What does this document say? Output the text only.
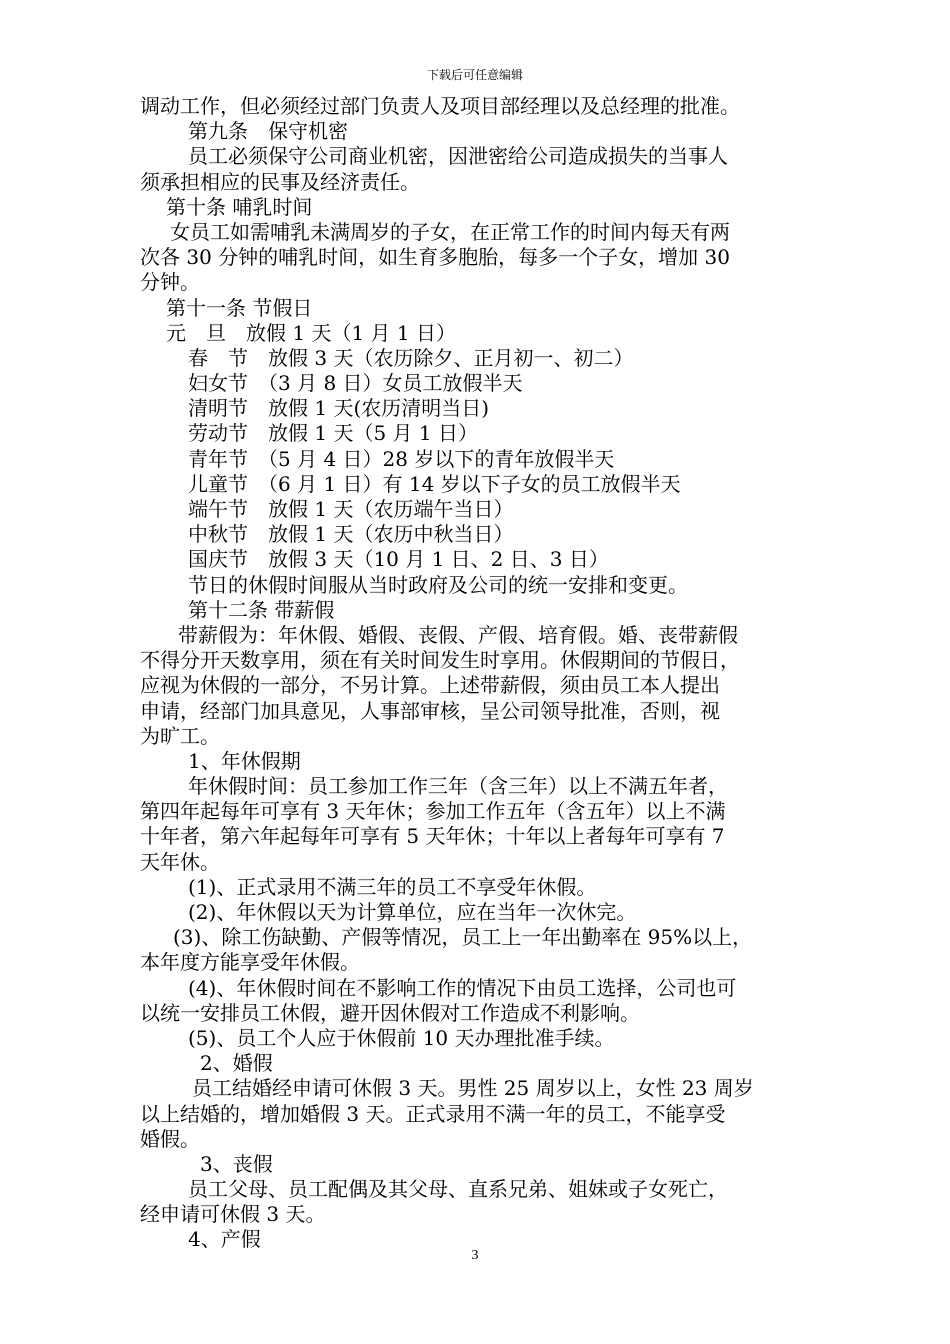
下载后可任意编辑
调动工作，但必须经过部门负责人及项目部经理以及总经理的批准。
第九条　保守机密
员工必须保守公司商业机密，因泄密给公司造成损失的当事人
须承担相应的民事及经济责任。
第十条 哺乳时间
女员工如需哺乳未满周岁的子女，在正常工作的时间内每天有两
次各 30 分钟的哺乳时间，如生育多胞胎，每多一个子女，增加 30
分钟。
第十一条 节假日
元　旦　放假 1 天（1 月 1 日）
春　节　放假 3 天（农历除夕、正月初一、初二）
妇女节　（3 月 8 日）女员工放假半天
清明节　放假 1 天(农历清明当日)
劳动节　放假 1 天（5 月 1 日）
青年节　（5 月 4 日）28 岁以下的青年放假半天
儿童节　（6 月 1 日）有 14 岁以下子女的员工放假半天
端午节　放假 1 天（农历端午当日）
中秋节　放假 1 天（农历中秋当日）
国庆节　放假 3 天（10 月 1 日、2 日、3 日）
节日的休假时间服从当时政府及公司的统一安排和变更。
第十二条 带薪假
带薪假为：年休假、婚假、丧假、产假、培育假。婚、丧带薪假
不得分开天数享用，须在有关时间发生时享用。休假期间的节假日，
应视为休假的一部分，不另计算。上述带薪假，须由员工本人提出
申请，经部门加具意见，人事部审核，呈公司领导批准，否则，视
为旷工。
1、年休假期
年休假时间：员工参加工作三年（含三年）以上不满五年者，
第四年起每年可享有 3 天年休；参加工作五年（含五年）以上不满
十年者，第六年起每年可享有 5 天年休；十年以上者每年可享有 7
天年休。
(1)、正式录用不满三年的员工不享受年休假。
(2)、年休假以天为计算单位，应在当年一次休完。
(3)、除工伤缺勤、产假等情况，员工上一年出勤率在 95%以上，
本年度方能享受年休假。
(4)、年休假时间在不影响工作的情况下由员工选择，公司也可
以统一安排员工休假，避开因休假对工作造成不利影响。
(5)、员工个人应于休假前 10 天办理批准手续。
2、婚假
员工结婚经申请可休假 3 天。男性 25 周岁以上，女性 23 周岁
以上结婚的，增加婚假 3 天。正式录用不满一年的员工，不能享受
婚假。
3、丧假
员工父母、员工配偶及其父母、直系兄弟、姐妹或子女死亡，
经申请可休假 3 天。
4、产假
3
